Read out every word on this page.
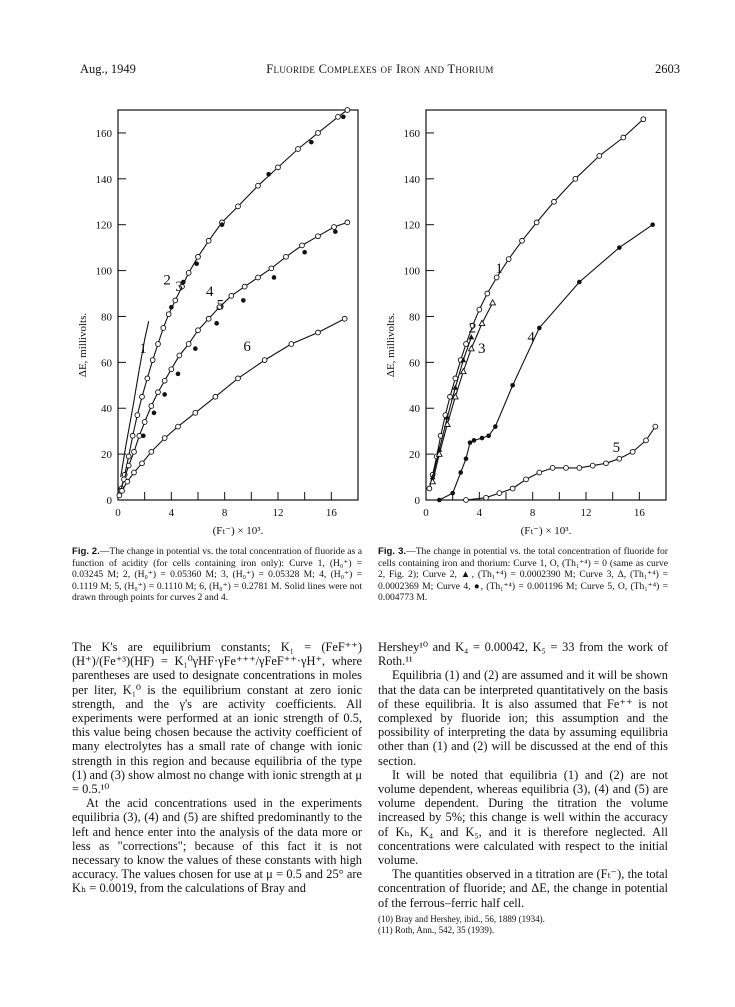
Aug., 1949	Fluoride Complexes of Iron and Thorium	2603
0
20
40
60
80
100
120
140
160
0	4	8	12	16
(Fₜ⁻) × 10³.
ΔE, millivolts.	1
2 3 4
5
6
0
20
40
60
80
100
120
140
160
0	4	8	12	16
(Fₜ⁻) × 10³.
ΔE, millivolts.
1
2
3
4
5
Fig. 2.—The change in potential vs. the total concentration of fluoride as a function of acidity (for cells containing iron only): Curve 1, (H₀⁺) = 0.03245 M; 2, (H₀⁺) = 0.05360 M; 3, (H₀⁺) = 0.05328 M; 4, (H₀⁺) = 0.1119 M; 5, (H₀⁺) = 0.1110 M; 6, (H₀⁺) = 0.2781 M. Solid lines were not drawn through points for curves 2 and 4.
Fig. 3.—The change in potential vs. the total concentration of fluoride for cells containing iron and thorium: Curve 1, O, (Th₁⁺⁴) = 0 (same as curve 2, Fig. 2); Curve 2, ▲, (Th₁⁺⁴) = 0.0002390 M; Curve 3, Δ, (Th₁⁺⁴) = 0.0002369 M; Curve 4, ●, (Th₁⁺⁴) = 0.001196 M; Curve 5, O, (Th₁⁺⁴) = 0.004773 M.

The K's are equilibrium constants; K₁ = (FeF⁺⁺)(H⁺)/(Fe⁺³)(HF) = K₁⁰γHF·γFe⁺⁺⁺/γFeF⁺⁺·γH⁺, where parentheses are used to designate concentrations in moles per liter, K₁⁰ is the equilibrium constant at zero ionic strength, and the γ's are activity coefficients. All experiments were performed at an ionic strength of 0.5, this value being chosen because the activity coefficient of many electrolytes has a small rate of change with ionic strength in this region and because equilibria of the type (1) and (3) show almost no change with ionic strength at μ = 0.5.¹⁰

At the acid concentrations used in the experiments equilibria (3), (4) and (5) are shifted predominantly to the left and hence enter into the analysis of the data more or less as "corrections"; because of this fact it is not necessary to know the values of these constants with high accuracy. The values chosen for use at μ = 0.5 and 25° are Kₕ = 0.0019, from the calculations of Bray and

Hershey¹⁰ and K₄ = 0.00042, K₅ = 33 from the work of Roth.¹¹

Equilibria (1) and (2) are assumed and it will be shown that the data can be interpreted quantitatively on the basis of these equilibria. It is also assumed that Fe⁺⁺ is not complexed by fluoride ion; this assumption and the possibility of interpreting the data by assuming equilibria other than (1) and (2) will be discussed at the end of this section.

It will be noted that equilibria (1) and (2) are not volume dependent, whereas equilibria (3), (4) and (5) are volume dependent. During the titration the volume increased by 5%; this change is well within the accuracy of Kₕ, K₄ and K₅, and it is therefore neglected. All concentrations were calculated with respect to the initial volume.

The quantities observed in a titration are (Fₜ⁻), the total concentration of fluoride; and ΔE, the change in potential of the ferrous–ferric half cell.

(10) Bray and Hershey, ibid., 56, 1889 (1934).

(11) Roth, Ann., 542, 35 (1939).
